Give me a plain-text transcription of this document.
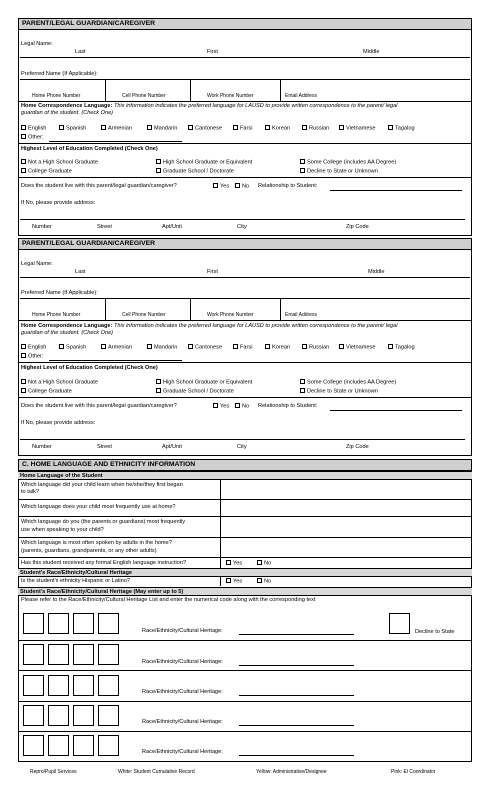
PARENT/LEGAL GUARDIAN/CAREGIVER
Legal Name:
Last	First	Middle
Preferred Name (If Applicable):
Home Phone Number	Cell Phone Number	Work Phone Number	Email Address
Home Correspondence Language: This information indicates the preferred language for LAUSD to provide written correspondence to the parent/ legal
guardian of the student. (Check One)
English	Spanish	Armenian	Mandarin	Cantonese	Farsi	Korean	Russian	Vietnamese	Tagalog
Other:
Highest Level of Education Completed (Check One)
Not a High School Graduate	High School Graduate or Equivalent	Some College (includes AA Degree)
College Graduate	Graduate School / Doctorate	Decline to State or Unknown
Does the student live with this parent/legal guardian/caregiver?	Yes	No Relationship to Student:
If No, please provide address:
Number	Street	Apt/Unit	City	Zip Code
PARENT/LEGAL GUARDIAN/CAREGIVER
Legal Name:
Last	First	Middle
Preferred Name (If Applicable):
Home Phone Number	Cell Phone Number	Work Phone Number	Email Address
Home Correspondence Language: This information indicates the preferred language for LAUSD to provide written correspondence to the parent/ legal
guardian of the student. (Check One)
English	Spanish	Armenian	Mandarin	Cantonese	Farsi	Korean	Russian	Vietnamese	Tagalog
Other:
Highest Level of Education Completed (Check One)
Not a High School Graduate	High School Graduate or Equivalent	Some College (includes AA Degree)
College Graduate	Graduate School / Doctorate	Decline to State or Unknown
Does the student live with this parent/legal guardian/caregiver?	Yes	No Relationship to Student:
If No, please provide address:
Number	Street	Apt/Unit	City	Zip Code
C. HOME LANGUAGE AND ETHNICITY INFORMATION
Home Language of the Student
Which language did your child learn when he/she/they first began
to talk?
Which language does your child most frequently use at home?
Which language do you (the parents or guardians) most frequently
use when speaking to your child?
Which language is most often spoken by adults in the home?
(parents, guardians, grandparents, or any other adults)
Has this student received any formal English language instruction?	Yes	No
Student's Race/Ethnicity/Cultural Heritage
Is the student's ethnicity Hispanic or Latino?	Yes	No
Student's Race/Ethnicity/Cultural Heritage (May enter up to 5)
Please refer to the Race/Ethnicity/Cultural Heritage List and enter the numerical code along with the corresponding text
Race/Ethnicity/Cultural Heritage:	Decline to State
Race/Ethnicity/Cultural Heritage:
Race/Ethnicity/Cultural Heritage:
Race/Ethnicity/Cultural Heritage:
Race/Ethnicity/Cultural Heritage:
Repro/Pupil Services	White: Student Cumulative Record	Yellow: Administrative/Designee	Pink: El Coordinator
